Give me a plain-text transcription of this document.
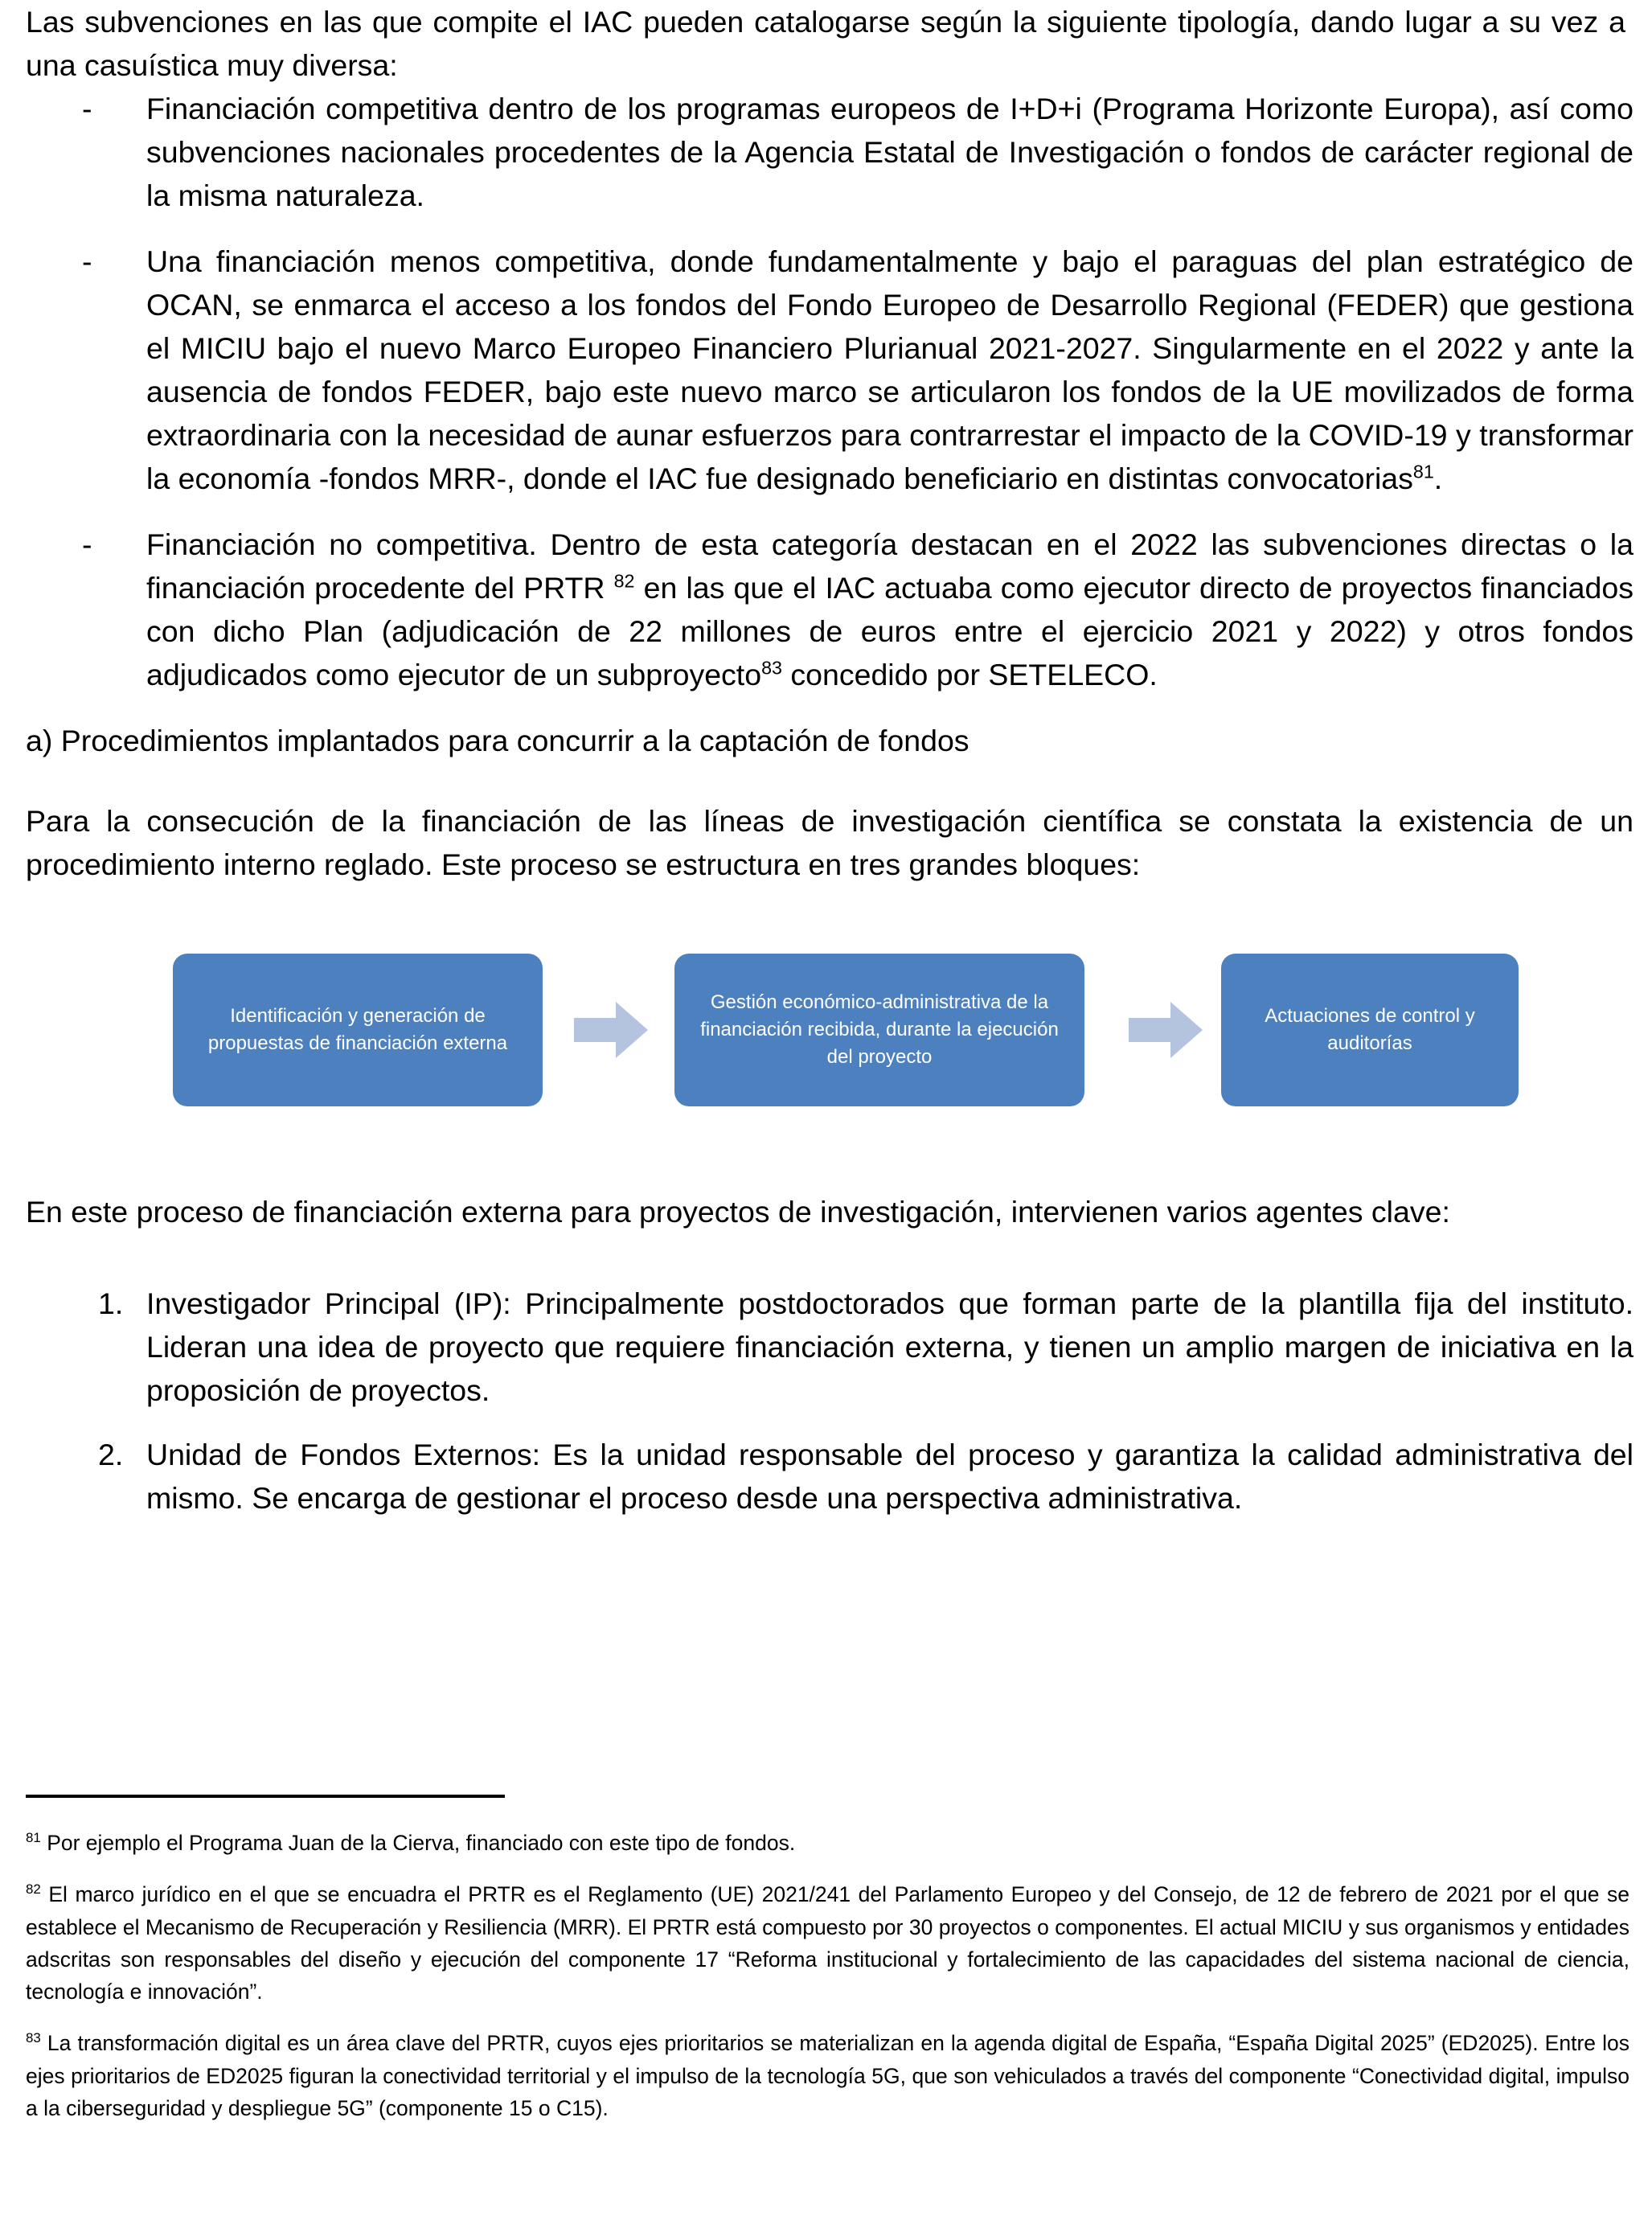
Las subvenciones en las que compite el IAC pueden catalogarse según la siguiente tipología, dando lugar a su vez a una casuística muy diversa:

- Financiación competitiva dentro de los programas europeos de I+D+i (Programa Horizonte Europa), así como subvenciones nacionales procedentes de la Agencia Estatal de Investigación o fondos de carácter regional de la misma naturaleza.
- Una financiación menos competitiva, donde fundamentalmente y bajo el paraguas del plan estratégico de OCAN, se enmarca el acceso a los fondos del Fondo Europeo de Desarrollo Regional (FEDER) que gestiona el MICIU bajo el nuevo Marco Europeo Financiero Plurianual 2021-2027. Singularmente en el 2022 y ante la ausencia de fondos FEDER, bajo este nuevo marco se articularon los fondos de la UE movilizados de forma extraordinaria con la necesidad de aunar esfuerzos para contrarrestar el impacto de la COVID-19 y transformar la economía -fondos MRR-, donde el IAC fue designado beneficiario en distintas convocatorias$^{81}$.
- Financiación no competitiva. Dentro de esta categoría destacan en el 2022 las subvenciones directas o la financiación procedente del PRTR $^{82}$ en las que el IAC actuaba como ejecutor directo de proyectos financiados con dicho Plan (adjudicación de 22 millones de euros entre el ejercicio 2021 y 2022) y otros fondos adjudicados como ejecutor de un subproyecto$^{83}$ concedido por SETELECO.

a) Procedimientos implantados para concurrir a la captación de fondos

Para la consecución de la financiación de las líneas de investigación científica se constata la existencia de un procedimiento interno reglado. Este proceso se estructura en tres grandes bloques:

Identificación y generación de propuestas de financiación externa
Gestión económico-administrativa de la financiación recibida, durante la ejecución del proyecto
Actuaciones de control y auditorías

En este proceso de financiación externa para proyectos de investigación, intervienen varios agentes clave:

1. Investigador Principal (IP): Principalmente postdoctorados que forman parte de la plantilla fija del instituto. Lideran una idea de proyecto que requiere financiación externa, y tienen un amplio margen de iniciativa en la proposición de proyectos.
2. Unidad de Fondos Externos: Es la unidad responsable del proceso y garantiza la calidad administrativa del mismo. Se encarga de gestionar el proceso desde una perspectiva administrativa.

$^{81}$ Por ejemplo el Programa Juan de la Cierva, financiado con este tipo de fondos.

$^{82}$ El marco jurídico en el que se encuadra el PRTR es el Reglamento (UE) 2021/241 del Parlamento Europeo y del Consejo, de 12 de febrero de 2021 por el que se establece el Mecanismo de Recuperación y Resiliencia (MRR). El PRTR está compuesto por 30 proyectos o componentes. El actual MICIU y sus organismos y entidades adscritas son responsables del diseño y ejecución del componente 17 “Reforma institucional y fortalecimiento de las capacidades del sistema nacional de ciencia, tecnología e innovación”.

$^{83}$ La transformación digital es un área clave del PRTR, cuyos ejes prioritarios se materializan en la agenda digital de España, “España Digital 2025” (ED2025). Entre los ejes prioritarios de ED2025 figuran la conectividad territorial y el impulso de la tecnología 5G, que son vehiculados a través del componente “Conectividad digital, impulso a la ciberseguridad y despliegue 5G” (componente 15 o C15).
